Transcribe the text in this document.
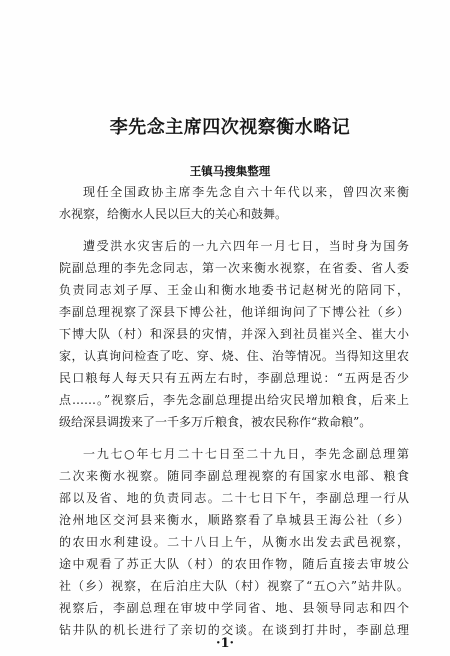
李先念主席四次视察衡水略记

王镇马搜集整理

现任全国政协主席李先念自六十年代以来，曾四次来衡
水视察，给衡水人民以巨大的关心和鼓舞。
遭受洪水灾害后的一九六四年一月七日，当时身为国务
院副总理的李先念同志，第一次来衡水视察，在省委、省人委
负责同志刘子厚、王金山和衡水地委书记赵树光的陪同下，
李副总理视察了深县下博公社，他详细询问了下博公社（乡）
下博大队（村）和深县的灾情，并深入到社员崔兴全、崔大小
家，认真询问检查了吃、穿、烧、住、治等情况。当得知这里农
民口粮每人每天只有五两左右时，李副总理说：“五两是否少
点……。”视察后，李先念副总理提出给灾民增加粮食，后来上
级给深县调拨来了一千多万斤粮食，被农民称作“救命粮”。
一九七○年七月二十七日至二十九日，李先念副总理第
二次来衡水视察。随同李副总理视察的有国家水电部、粮食
部以及省、地的负责同志。二十七日下午，李副总理一行从
沧州地区交河县来衡水，顺路察看了阜城县王海公社（乡）
的农田水利建设。二十八日上午，从衡水出发去武邑视察，
途中观看了苏正大队（村）的农田作物，随后直接去审坡公
社（乡）视察，在后泊庄大队（村）视察了“五○六”站井队。
视察后，李副总理在审坡中学同省、地、县领导同志和四个
钻井队的机长进行了亲切的交谈。在谈到打井时，李副总理
·1·
